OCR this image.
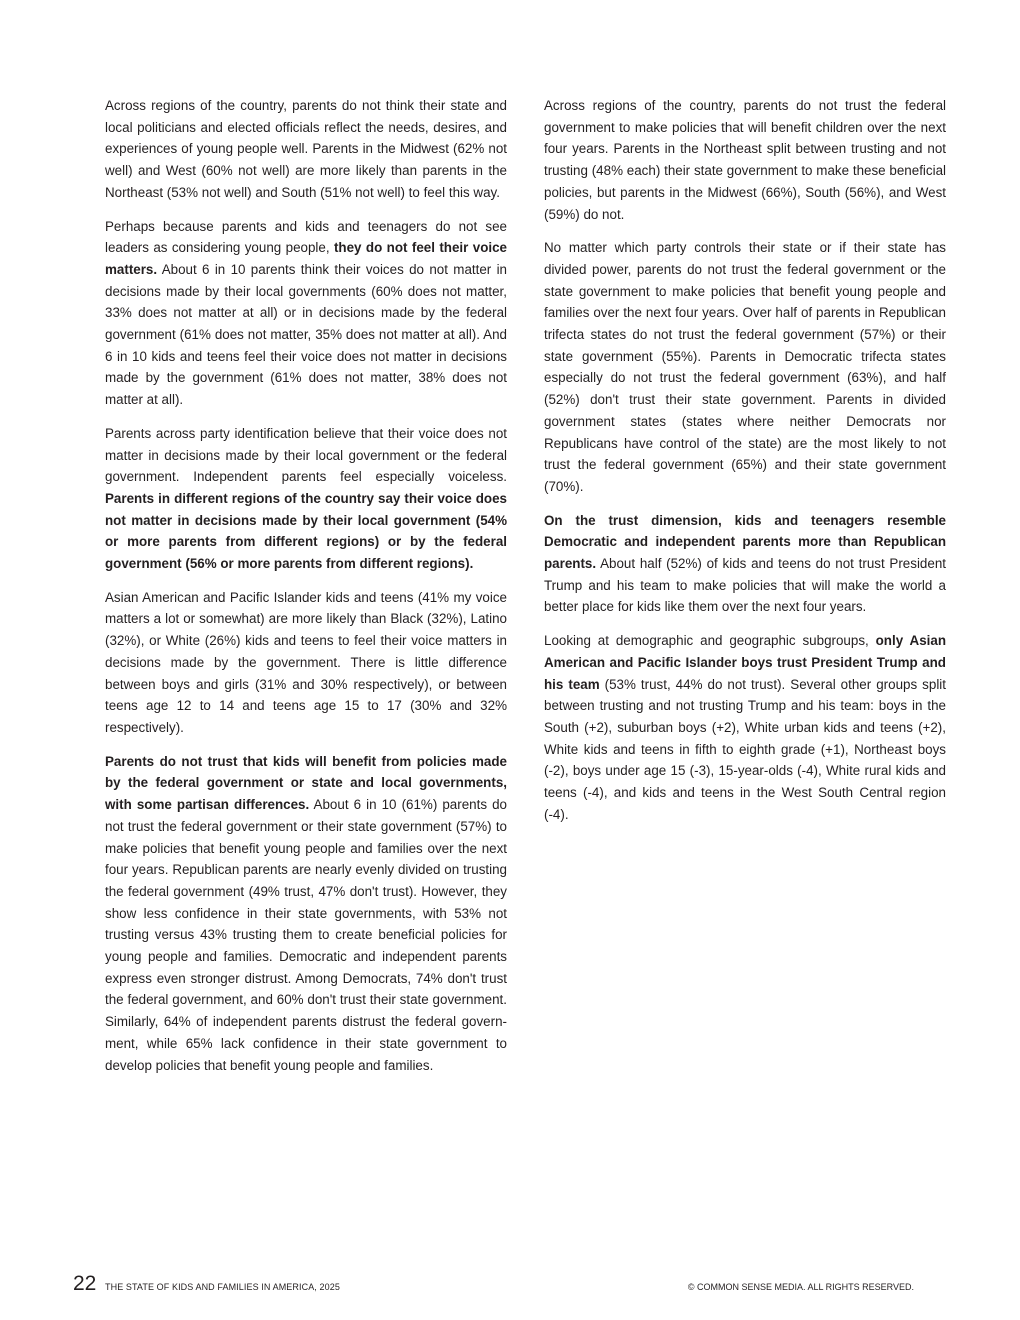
Across regions of the country, parents do not think their state and local politicians and elected officials reflect the needs, desires, and experiences of young people well. Parents in the Midwest (62% not well) and West (60% not well) are more likely than parents in the Northeast (53% not well) and South (51% not well) to feel this way.

Perhaps because parents and kids and teenagers do not see leaders as considering young people, they do not feel their voice matters. About 6 in 10 parents think their voices do not matter in decisions made by their local governments (60% does not matter, 33% does not matter at all) or in decisions made by the federal government (61% does not matter, 35% does not matter at all). And 6 in 10 kids and teens feel their voice does not matter in decisions made by the government (61% does not matter, 38% does not matter at all).

Parents across party identification believe that their voice does not matter in decisions made by their local government or the federal government. Independent parents feel especially voiceless. Parents in different regions of the country say their voice does not matter in decisions made by their local government (54% or more parents from different regions) or by the federal government (56% or more parents from different regions).

Asian American and Pacific Islander kids and teens (41% my voice matters a lot or somewhat) are more likely than Black (32%), Latino (32%), or White (26%) kids and teens to feel their voice matters in decisions made by the government. There is little difference between boys and girls (31% and 30% respectively), or between teens age 12 to 14 and teens age 15 to 17 (30% and 32% respectively).

Parents do not trust that kids will benefit from policies made by the federal government or state and local governments, with some partisan differences. About 6 in 10 (61%) parents do not trust the federal government or their state government (57%) to make policies that benefit young people and families over the next four years. Republican parents are nearly evenly divided on trusting the federal government (49% trust, 47% don't trust). However, they show less confidence in their state governments, with 53% not trusting versus 43% trusting them to create beneficial policies for young people and families. Democratic and independent parents express even stronger distrust. Among Democrats, 74% don't trust the federal government, and 60% don't trust their state government. Similarly, 64% of independent parents distrust the federal government, while 65% lack confidence in their state government to develop policies that benefit young people and families.

Across regions of the country, parents do not trust the federal government to make policies that will benefit children over the next four years. Parents in the Northeast split between trusting and not trusting (48% each) their state government to make these beneficial policies, but parents in the Midwest (66%), South (56%), and West (59%) do not.

No matter which party controls their state or if their state has divided power, parents do not trust the federal government or the state government to make policies that benefit young people and families over the next four years. Over half of parents in Republican trifecta states do not trust the federal government (57%) or their state government (55%). Parents in Democratic trifecta states especially do not trust the federal government (63%), and half (52%) don't trust their state government. Parents in divided government states (states where neither Democrats nor Republicans have control of the state) are the most likely to not trust the federal government (65%) and their state government (70%).

On the trust dimension, kids and teenagers resemble Democratic and independent parents more than Republican parents. About half (52%) of kids and teens do not trust President Trump and his team to make policies that will make the world a better place for kids like them over the next four years.

Looking at demographic and geographic subgroups, only Asian American and Pacific Islander boys trust President Trump and his team (53% trust, 44% do not trust). Several other groups split between trusting and not trusting Trump and his team: boys in the South (+2), suburban boys (+2), White urban kids and teens (+2), White kids and teens in fifth to eighth grade (+1), Northeast boys (-2), boys under age 15 (-3), 15-year-olds (-4), White rural kids and teens (-4), and kids and teens in the West South Central region (-4).

22 THE STATE OF KIDS AND FAMILIES IN AMERICA, 2025	© COMMON SENSE MEDIA. ALL RIGHTS RESERVED.
